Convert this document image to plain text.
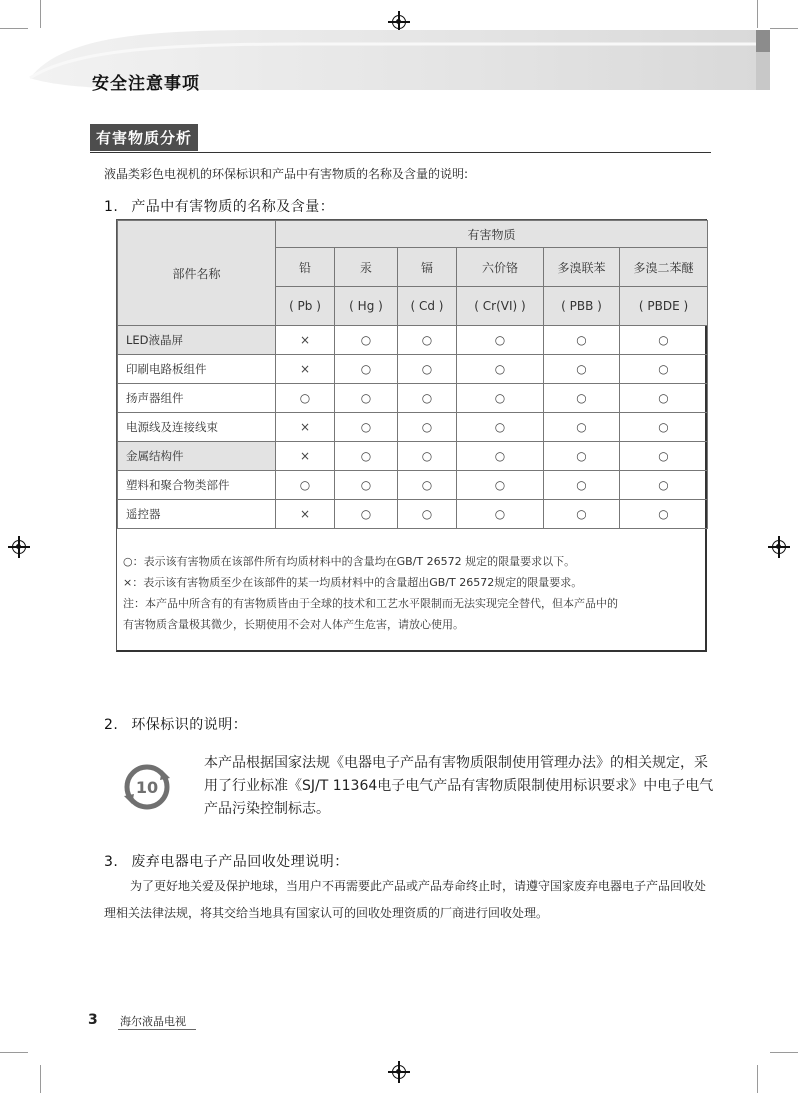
安全注意事项
有害物质分析
液晶类彩色电视机的环保标识和产品中有害物质的名称及含量的说明:
1. 产品中有害物质的名称及含量：
部件名称	有害物质					
	铅	汞	镉	六价铬	多溴联苯	多溴二苯醚
	( Pb )	( Hg )	( Cd )	( Cr(VI) )	( PBB )	( PBDE )
LED液晶屏	×	○	○	○	○	○
印刷电路板组件	×	○	○	○	○	○
扬声器组件	○	○	○	○	○	○
电源线及连接线束	×	○	○	○	○	○
金属结构件	×	○	○	○	○	○
塑料和聚合物类部件	○	○	○	○	○	○
遥控器	×	○	○	○	○	○
○：表示该有害物质在该部件所有均质材料中的含量均在GB/T 26572 规定的限量要求以下。
×：表示该有害物质至少在该部件的某一均质材料中的含量超出GB/T 26572规定的限量要求。
注：本产品中所含有的有害物质皆由于全球的技术和工艺水平限制而无法实现完全替代，但本产品中的
有害物质含量极其微少，长期使用不会对人体产生危害，请放心使用。
2. 环保标识的说明：
10
本产品根据国家法规《电器电子产品有害物质限制使用管理办法》的相关规定，采用了行业标准《SJ/T 11364电子电气产品有害物质限制使用标识要求》中电子电气产品污染控制标志。
3. 废弃电器电子产品回收处理说明：
为了更好地关爱及保护地球，当用户不再需要此产品或产品寿命终止时，请遵守国家废弃电器电子产品回收处理相关法律法规，将其交给当地具有国家认可的回收处理资质的厂商进行回收处理。
3 海尔液晶电视
